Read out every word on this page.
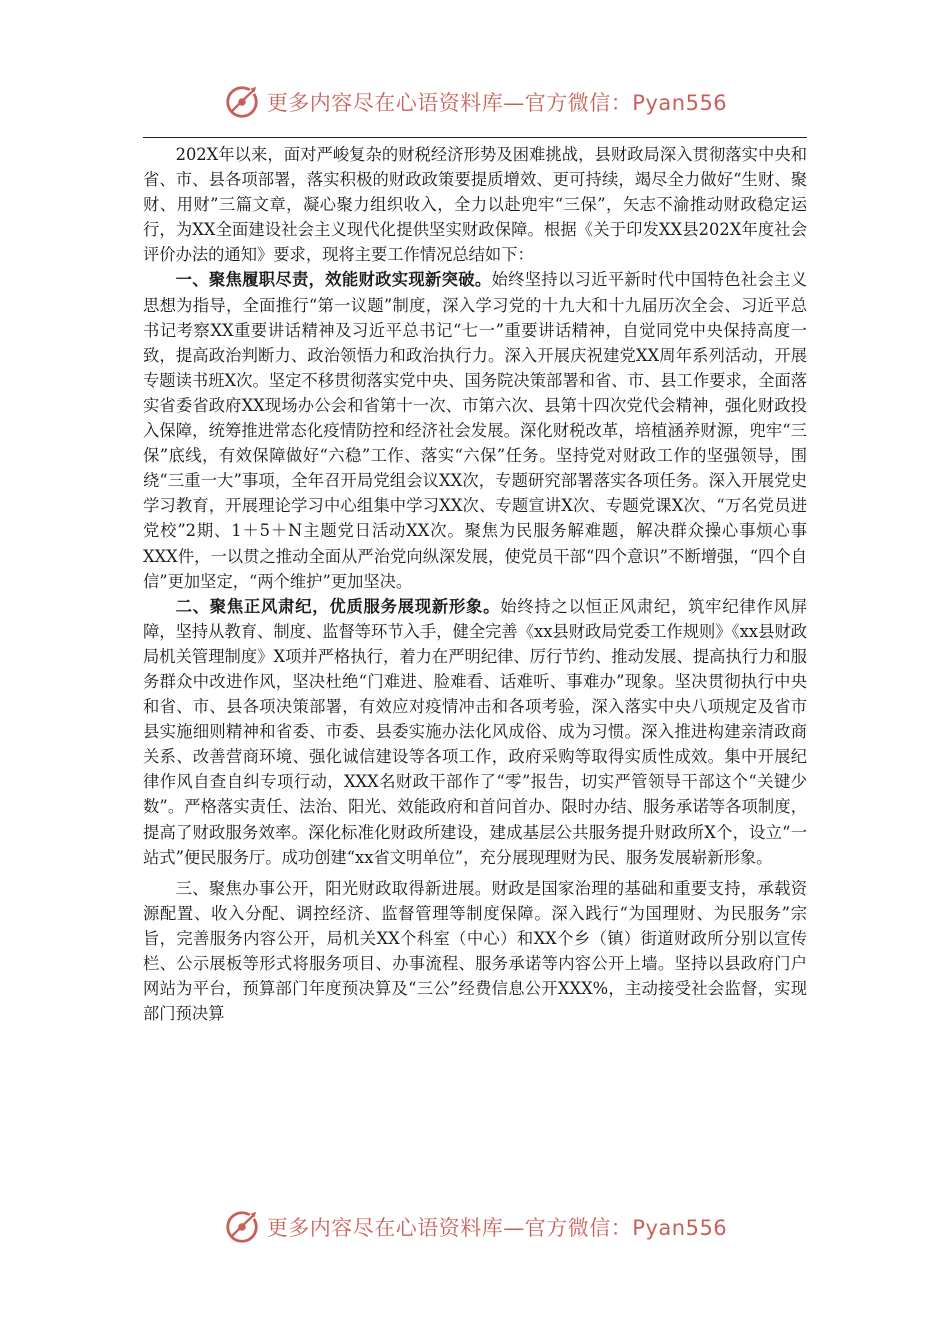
更多内容尽在心语资料库—官方微信：Pyan556

202X年以来，面对严峻复杂的财税经济形势及困难挑战，县财政局深入贯彻落实中央和省、市、县各项部署，落实积极的财政政策要提质增效、更可持续，竭尽全力做好“生财、聚财、用财”三篇文章，凝心聚力组织收入，全力以赴兜牢“三保”，矢志不渝推动财政稳定运行，为XX全面建设社会主义现代化提供坚实财政保障。根据《关于印发XX县202X年度社会评价办法的通知》要求，现将主要工作情况总结如下：

一、聚焦履职尽责，效能财政实现新突破。始终坚持以习近平新时代中国特色社会主义思想为指导，全面推行“第一议题”制度，深入学习党的十九大和十九届历次全会、习近平总书记考察XX重要讲话精神及习近平总书记“七一”重要讲话精神，自觉同党中央保持高度一致，提高政治判断力、政治领悟力和政治执行力。深入开展庆祝建党XX周年系列活动，开展专题读书班X次。坚定不移贯彻落实党中央、国务院决策部署和省、市、县工作要求，全面落实省委省政府XX现场办公会和省第十一次、市第六次、县第十四次党代会精神，强化财政投入保障，统筹推进常态化疫情防控和经济社会发展。深化财税改革，培植涵养财源，兜牢“三保”底线，有效保障做好“六稳”工作、落实“六保”任务。坚持党对财政工作的坚强领导，围绕“三重一大”事项，全年召开局党组会议XX次，专题研究部署落实各项任务。深入开展党史学习教育，开展理论学习中心组集中学习XX次、专题宣讲X次、专题党课X次、“万名党员进党校”2期、1＋5＋N主题党日活动XX次。聚焦为民服务解难题，解决群众操心事烦心事XXX件，一以贯之推动全面从严治党向纵深发展，使党员干部“四个意识”不断增强，“四个自信”更加坚定，“两个维护”更加坚决。

二、聚焦正风肃纪，优质服务展现新形象。始终持之以恒正风肃纪，筑牢纪律作风屏障，坚持从教育、制度、监督等环节入手，健全完善《xx县财政局党委工作规则》《xx县财政局机关管理制度》X项并严格执行，着力在严明纪律、厉行节约、推动发展、提高执行力和服务群众中改进作风，坚决杜绝“门难进、脸难看、话难听、事难办”现象。坚决贯彻执行中央和省、市、县各项决策部署，有效应对疫情冲击和各项考验，深入落实中央八项规定及省市县实施细则精神和省委、市委、县委实施办法化风成俗、成为习惯。深入推进构建亲清政商关系、改善营商环境、强化诚信建设等各项工作，政府采购等取得实质性成效。集中开展纪律作风自查自纠专项行动，XXX名财政干部作了“零”报告，切实严管领导干部这个“关键少数”。严格落实责任、法治、阳光、效能政府和首问首办、限时办结、服务承诺等各项制度，提高了财政服务效率。深化标准化财政所建设，建成基层公共服务提升财政所X个，设立“一站式”便民服务厅。成功创建“xx省文明单位”，充分展现理财为民、服务发展崭新形象。

三、聚焦办事公开，阳光财政取得新进展。财政是国家治理的基础和重要支持，承载资源配置、收入分配、调控经济、监督管理等制度保障。深入践行“为国理财、为民服务”宗旨，完善服务内容公开，局机关XX个科室（中心）和XX个乡（镇）街道财政所分别以宣传栏、公示展板等形式将服务项目、办事流程、服务承诺等内容公开上墙。坚持以县政府门户网站为平台，预算部门年度预决算及“三公”经费信息公开XXX%，主动接受社会监督，实现部门预决算

更多内容尽在心语资料库—官方微信：Pyan556
